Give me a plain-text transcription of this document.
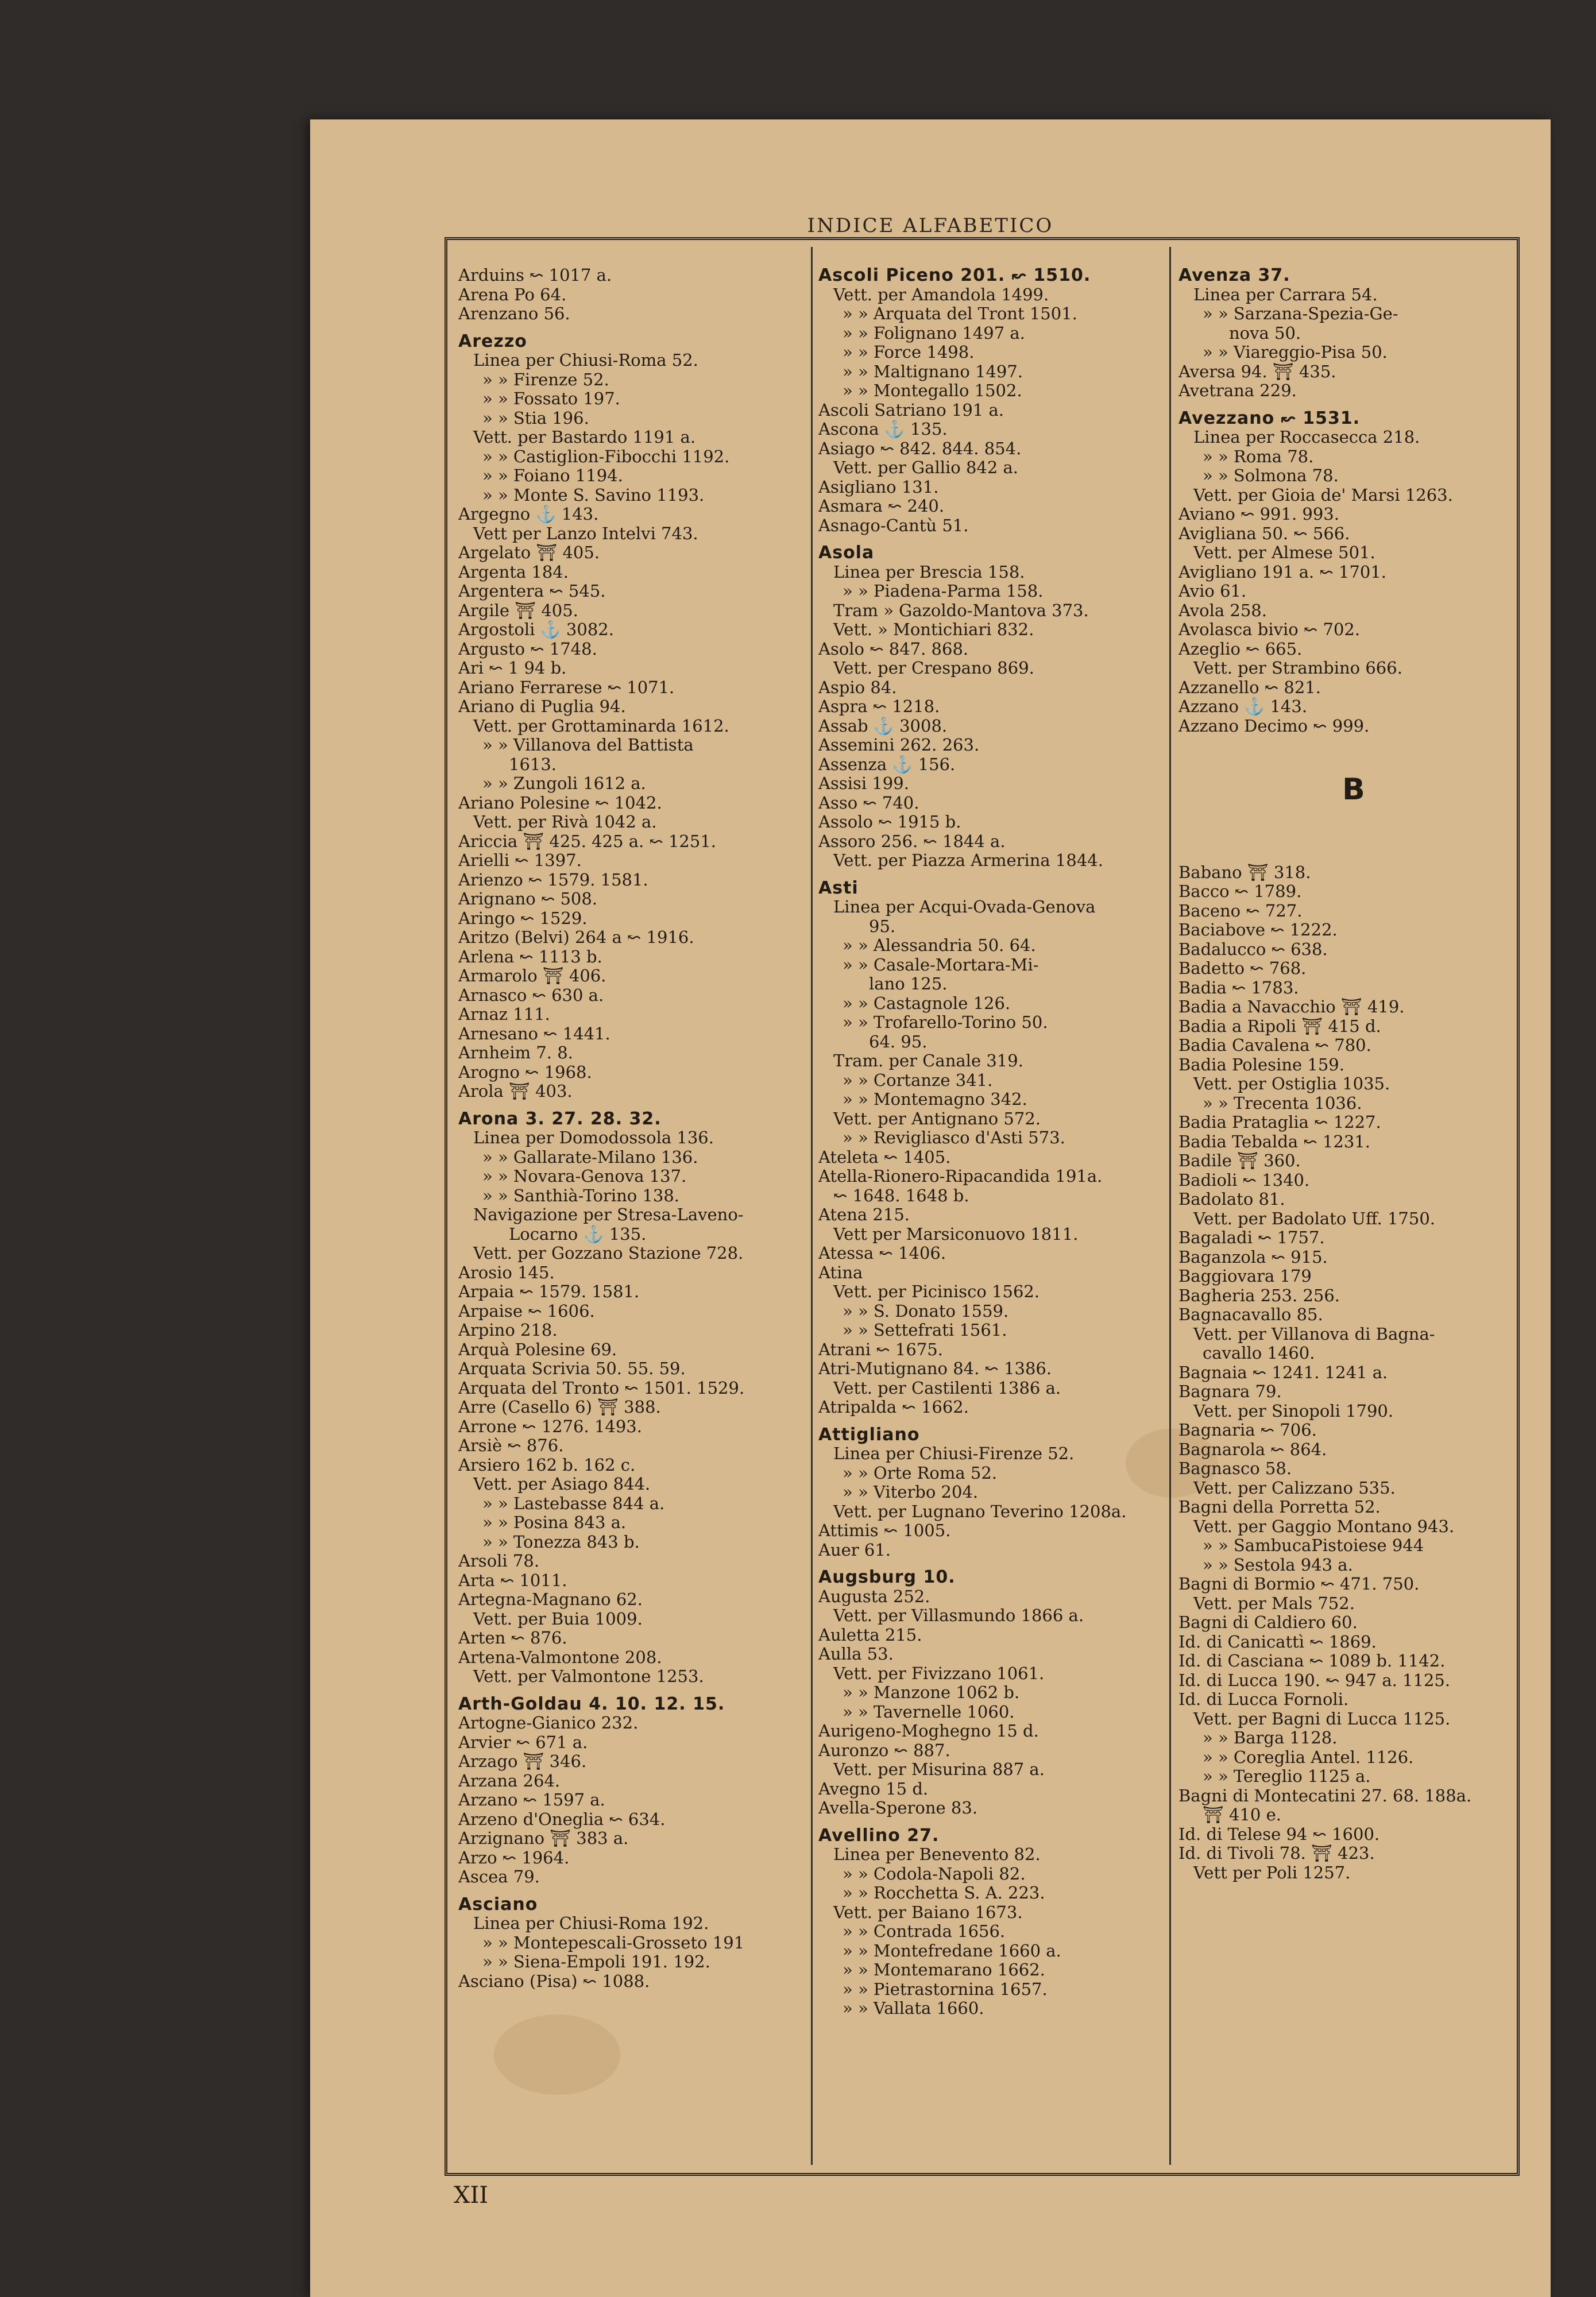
INDICE ALFABETICO
Arduins ↜ 1017 a.
Arena Po 64.
Arenzano 56.
Arezzo
Linea per Chiusi-Roma 52.
» » Firenze 52.
» » Fossato 197.
» » Stia 196.
Vett. per Bastardo 1191 a.
» » Castiglion-Fibocchi 1192.
» » Foiano 1194.
» » Monte S. Savino 1193.
Argegno ⚓ 143.
Vett per Lanzo Intelvi 743.
Argelato ⛩ 405.
Argenta 184.
Argentera ↜ 545.
Argile ⛩ 405.
Argostoli ⚓ 3082.
Argusto ↜ 1748.
Ari ↜ 1 94 b.
Ariano Ferrarese ↜ 1071.
Ariano di Puglia 94.
Vett. per Grottaminarda 1612.
» » Villanova del Battista
1613.
» » Zungoli 1612 a.
Ariano Polesine ↜ 1042.
Vett. per Rivà 1042 a.
Ariccia ⛩ 425. 425 a. ↜ 1251.
Arielli ↜ 1397.
Arienzo ↜ 1579. 1581.
Arignano ↜ 508.
Aringo ↜ 1529.
Aritzo (Belvi) 264 a ↜ 1916.
Arlena ↜ 1113 b.
Armarolo ⛩ 406.
Arnasco ↜ 630 a.
Arnaz 111.
Arnesano ↜ 1441.
Arnheim 7. 8.
Arogno ↜ 1968.
Arola ⛩ 403.
Arona 3. 27. 28. 32.
Linea per Domodossola 136.
» » Gallarate-Milano 136.
» » Novara-Genova 137.
» » Santhià-Torino 138.
Navigazione per Stresa-Laveno-
Locarno ⚓ 135.
Vett. per Gozzano Stazione 728.
Arosio 145.
Arpaia ↜ 1579. 1581.
Arpaise ↜ 1606.
Arpino 218.
Arquà Polesine 69.
Arquata Scrivia 50. 55. 59.
Arquata del Tronto ↜ 1501. 1529.
Arre (Casello 6) ⛩ 388.
Arrone ↜ 1276. 1493.
Arsiè ↜ 876.
Arsiero 162 b. 162 c.
Vett. per Asiago 844.
» » Lastebasse 844 a.
» » Posina 843 a.
» » Tonezza 843 b.
Arsoli 78.
Arta ↜ 1011.
Artegna-Magnano 62.
Vett. per Buia 1009.
Arten ↜ 876.
Artena-Valmontone 208.
Vett. per Valmontone 1253.
Arth-Goldau 4. 10. 12. 15.
Artogne-Gianico 232.
Arvier ↜ 671 a.
Arzago ⛩ 346.
Arzana 264.
Arzano ↜ 1597 a.
Arzeno d'Oneglia ↜ 634.
Arzignano ⛩ 383 a.
Arzo ↜ 1964.
Ascea 79.
Asciano
Linea per Chiusi-Roma 192.
» » Montepescali-Grosseto 191
» » Siena-Empoli 191. 192.
Asciano (Pisa) ↜ 1088.
Ascoli Piceno 201. ↜ 1510.
Vett. per Amandola 1499.
» » Arquata del Tront 1501.
» » Folignano 1497 a.
» » Force 1498.
» » Maltignano 1497.
» » Montegallo 1502.
Ascoli Satriano 191 a.
Ascona ⚓ 135.
Asiago ↜ 842. 844. 854.
Vett. per Gallio 842 a.
Asigliano 131.
Asmara ↜ 240.
Asnago-Cantù 51.
Asola
Linea per Brescia 158.
» » Piadena-Parma 158.
Tram » Gazoldo-Mantova 373.
Vett. » Montichiari 832.
Asolo ↜ 847. 868.
Vett. per Crespano 869.
Aspio 84.
Aspra ↜ 1218.
Assab ⚓ 3008.
Assemini 262. 263.
Assenza ⚓ 156.
Assisi 199.
Asso ↜ 740.
Assolo ↜ 1915 b.
Assoro 256. ↜ 1844 a.
Vett. per Piazza Armerina 1844.
Asti
Linea per Acqui-Ovada-Genova
95.
» » Alessandria 50. 64.
» » Casale-Mortara-Mi-
lano 125.
» » Castagnole 126.
» » Trofarello-Torino 50.
64. 95.
Tram. per Canale 319.
» » Cortanze 341.
» » Montemagno 342.
Vett. per Antignano 572.
» » Revigliasco d'Asti 573.
Ateleta ↜ 1405.
Atella-Rionero-Ripacandida 191a.
↜ 1648. 1648 b.
Atena 215.
Vett per Marsiconuovo 1811.
Atessa ↜ 1406.
Atina
Vett. per Picinisco 1562.
» » S. Donato 1559.
» » Settefrati 1561.
Atrani ↜ 1675.
Atri-Mutignano 84. ↜ 1386.
Vett. per Castilenti 1386 a.
Atripalda ↜ 1662.
Attigliano
Linea per Chiusi-Firenze 52.
» » Orte Roma 52.
» » Viterbo 204.
Vett. per Lugnano Teverino 1208a.
Attimis ↜ 1005.
Auer 61.
Augsburg 10.
Augusta 252.
Vett. per Villasmundo 1866 a.
Auletta 215.
Aulla 53.
Vett. per Fivizzano 1061.
» » Manzone 1062 b.
» » Tavernelle 1060.
Aurigeno-Moghegno 15 d.
Auronzo ↜ 887.
Vett. per Misurina 887 a.
Avegno 15 d.
Avella-Sperone 83.
Avellino 27.
Linea per Benevento 82.
» » Codola-Napoli 82.
» » Rocchetta S. A. 223.
Vett. per Baiano 1673.
» » Contrada 1656.
» » Montefredane 1660 a.
» » Montemarano 1662.
» » Pietrastornina 1657.
» » Vallata 1660.
Avenza 37.
Linea per Carrara 54.
» » Sarzana-Spezia-Ge-
nova 50.
» » Viareggio-Pisa 50.
Aversa 94. ⛩ 435.
Avetrana 229.
Avezzano ↜ 1531.
Linea per Roccasecca 218.
» » Roma 78.
» » Solmona 78.
Vett. per Gioia de' Marsi 1263.
Aviano ↜ 991. 993.
Avigliana 50. ↜ 566.
Vett. per Almese 501.
Avigliano 191 a. ↜ 1701.
Avio 61.
Avola 258.
Avolasca bivio ↜ 702.
Azeglio ↜ 665.
Vett. per Strambino 666.
Azzanello ↜ 821.
Azzano ⚓ 143.
Azzano Decimo ↜ 999.
B
Babano ⛩ 318.
Bacco ↜ 1789.
Baceno ↜ 727.
Baciabove ↜ 1222.
Badalucco ↜ 638.
Badetto ↜ 768.
Badia ↜ 1783.
Badia a Navacchio ⛩ 419.
Badia a Ripoli ⛩ 415 d.
Badia Cavalena ↜ 780.
Badia Polesine 159.
Vett. per Ostiglia 1035.
» » Trecenta 1036.
Badia Prataglia ↜ 1227.
Badia Tebalda ↜ 1231.
Badile ⛩ 360.
Badioli ↜ 1340.
Badolato 81.
Vett. per Badolato Uff. 1750.
Bagaladi ↜ 1757.
Baganzola ↜ 915.
Baggiovara 179
Bagheria 253. 256.
Bagnacavallo 85.
Vett. per Villanova di Bagna-
cavallo 1460.
Bagnaia ↜ 1241. 1241 a.
Bagnara 79.
Vett. per Sinopoli 1790.
Bagnaria ↜ 706.
Bagnarola ↜ 864.
Bagnasco 58.
Vett. per Calizzano 535.
Bagni della Porretta 52.
Vett. per Gaggio Montano 943.
» » SambucaPistoiese 944
» » Sestola 943 a.
Bagni di Bormio ↜ 471. 750.
Vett. per Mals 752.
Bagni di Caldiero 60.
Id. di Canicattì ↜ 1869.
Id. di Casciana ↜ 1089 b. 1142.
Id. di Lucca 190. ↜ 947 a. 1125.
Id. di Lucca Fornoli.
Vett. per Bagni di Lucca 1125.
» » Barga 1128.
» » Coreglia Antel. 1126.
» » Tereglio 1125 a.
Bagni di Montecatini 27. 68. 188a.
⛩ 410 e.
Id. di Telese 94 ↜ 1600.
Id. di Tivoli 78. ⛩ 423.
Vett per Poli 1257.
XII
